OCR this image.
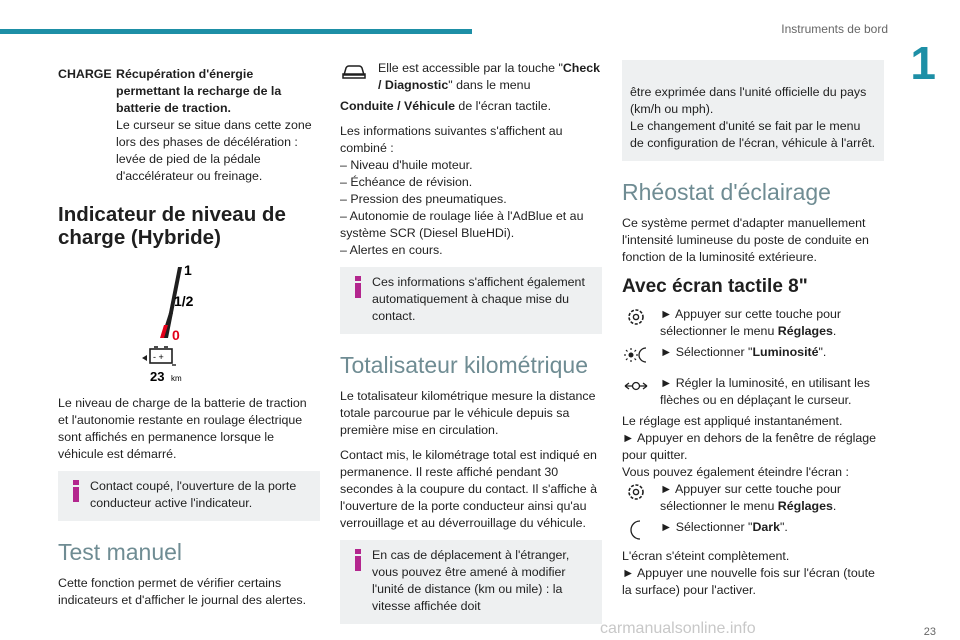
Instruments de bord
1
CHARGE Récupération d'énergie permettant la recharge de la batterie de traction.
Le curseur se situe dans cette zone lors des phases de décélération : levée de pied de la pédale d'accélérateur ou freinage.
Indicateur de niveau de charge (Hybride)
1
1/2
0
- +
23 km
Le niveau de charge de la batterie de traction et l'autonomie restante en roulage électrique sont affichés en permanence lorsque le véhicule est démarré.
Contact coupé, l'ouverture de la porte conducteur active l'indicateur.
Test manuel
Cette fonction permet de vérifier certains indicateurs et d'afficher le journal des alertes.
Elle est accessible par la touche "Check / Diagnostic" dans le menu
Conduite / Véhicule de l'écran tactile.
Les informations suivantes s'affichent au combiné :
– Niveau d'huile moteur.
– Échéance de révision.
– Pression des pneumatiques.
– Autonomie de roulage liée à l'AdBlue et au système SCR (Diesel BlueHDi).
– Alertes en cours.
Ces informations s'affichent également automatiquement à chaque mise du contact.
Totalisateur kilométrique
Le totalisateur kilométrique mesure la distance totale parcourue par le véhicule depuis sa première mise en circulation.
Contact mis, le kilométrage total est indiqué en permanence. Il reste affiché pendant 30 secondes à la coupure du contact. Il s'affiche à l'ouverture de la porte conducteur ainsi qu'au verrouillage et au déverrouillage du véhicule.
En cas de déplacement à l'étranger, vous pouvez être amené à modifier l'unité de distance (km ou mile) : la vitesse affichée doit

être exprimée dans l'unité officielle du pays (km/h ou mph).
Le changement d'unité se fait par le menu de configuration de l'écran, véhicule à l'arrêt.

Rhéostat d'éclairage
Ce système permet d'adapter manuellement l'intensité lumineuse du poste de conduite en fonction de la luminosité extérieure.
Avec écran tactile 8"
► Appuyer sur cette touche pour sélectionner le menu Réglages.
► Sélectionner "Luminosité".
► Régler la luminosité, en utilisant les flèches ou en déplaçant le curseur.
Le réglage est appliqué instantanément.
► Appuyer en dehors de la fenêtre de réglage pour quitter.
Vous pouvez également éteindre l'écran :
► Appuyer sur cette touche pour sélectionner le menu Réglages.
► Sélectionner "Dark".
L'écran s'éteint complètement.
► Appuyer une nouvelle fois sur l'écran (toute la surface) pour l'activer.
carmanualsonline.info	23
